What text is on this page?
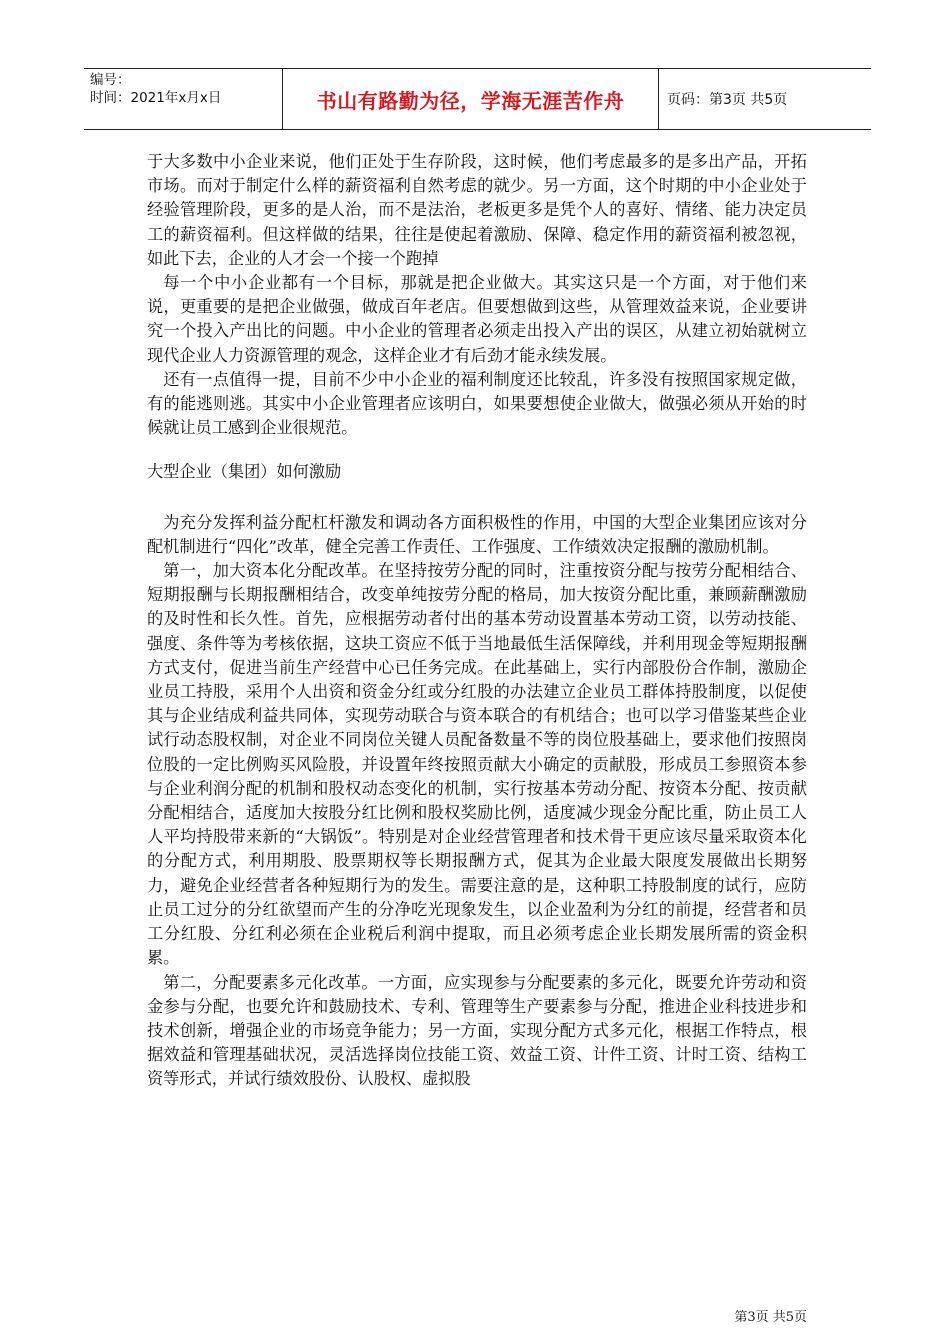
编号：
时间：2021年x月x日	书山有路勤为径，学海无涯苦作舟	页码：第3页 共5页

于大多数中小企业来说，他们正处于生存阶段，这时候，他们考虑最多的是多出产品，开拓市场。而对于制定什么样的薪资福利自然考虑的就少。另一方面，这个时期的中小企业处于经验管理阶段，更多的是人治，而不是法治，老板更多是凭个人的喜好、情绪、能力决定员工的薪资福利。但这样做的结果，往往是使起着激励、保障、稳定作用的薪资福利被忽视，如此下去，企业的人才会一个接一个跑掉

每一个中小企业都有一个目标，那就是把企业做大。其实这只是一个方面，对于他们来说，更重要的是把企业做强，做成百年老店。但要想做到这些，从管理效益来说，企业要讲究一个投入产出比的问题。中小企业的管理者必须走出投入产出的误区，从建立初始就树立现代企业人力资源管理的观念，这样企业才有后劲才能永续发展。

还有一点值得一提，目前不少中小企业的福利制度还比较乱，许多没有按照国家规定做，有的能逃则逃。其实中小企业管理者应该明白，如果要想使企业做大，做强必须从开始的时候就让员工感到企业很规范。

大型企业（集团）如何激励

为充分发挥利益分配杠杆激发和调动各方面积极性的作用，中国的大型企业集团应该对分配机制进行“四化”改革，健全完善工作责任、工作强度、工作绩效决定报酬的激励机制。

第一，加大资本化分配改革。在坚持按劳分配的同时，注重按资分配与按劳分配相结合、短期报酬与长期报酬相结合，改变单纯按劳分配的格局，加大按资分配比重，兼顾薪酬激励的及时性和长久性。首先，应根据劳动者付出的基本劳动设置基本劳动工资，以劳动技能、强度、条件等为考核依据，这块工资应不低于当地最低生活保障线，并利用现金等短期报酬方式支付，促进当前生产经营中心已任务完成。在此基础上，实行内部股份合作制，激励企业员工持股，采用个人出资和资金分红或分红股的办法建立企业员工群体持股制度，以促使其与企业结成利益共同体，实现劳动联合与资本联合的有机结合；也可以学习借鉴某些企业试行动态股权制，对企业不同岗位关键人员配备数量不等的岗位股基础上，要求他们按照岗位股的一定比例购买风险股，并设置年终按照贡献大小确定的贡献股，形成员工参照资本参与企业利润分配的机制和股权动态变化的机制，实行按基本劳动分配、按资本分配、按贡献分配相结合，适度加大按股分红比例和股权奖励比例，适度减少现金分配比重，防止员工人人平均持股带来新的“大锅饭”。特别是对企业经营管理者和技术骨干更应该尽量采取资本化的分配方式，利用期股、股票期权等长期报酬方式，促其为企业最大限度发展做出长期努力，避免企业经营者各种短期行为的发生。需要注意的是，这种职工持股制度的试行，应防止员工过分的分红欲望而产生的分净吃光现象发生，以企业盈利为分红的前提，经营者和员工分红股、分红利必须在企业税后利润中提取，而且必须考虑企业长期发展所需的资金积累。

第二，分配要素多元化改革。一方面，应实现参与分配要素的多元化，既要允许劳动和资金参与分配，也要允许和鼓励技术、专利、管理等生产要素参与分配，推进企业科技进步和技术创新，增强企业的市场竞争能力；另一方面，实现分配方式多元化，根据工作特点，根据效益和管理基础状况，灵活选择岗位技能工资、效益工资、计件工资、计时工资、结构工资等形式，并试行绩效股份、认股权、虚拟股

第3页 共5页
